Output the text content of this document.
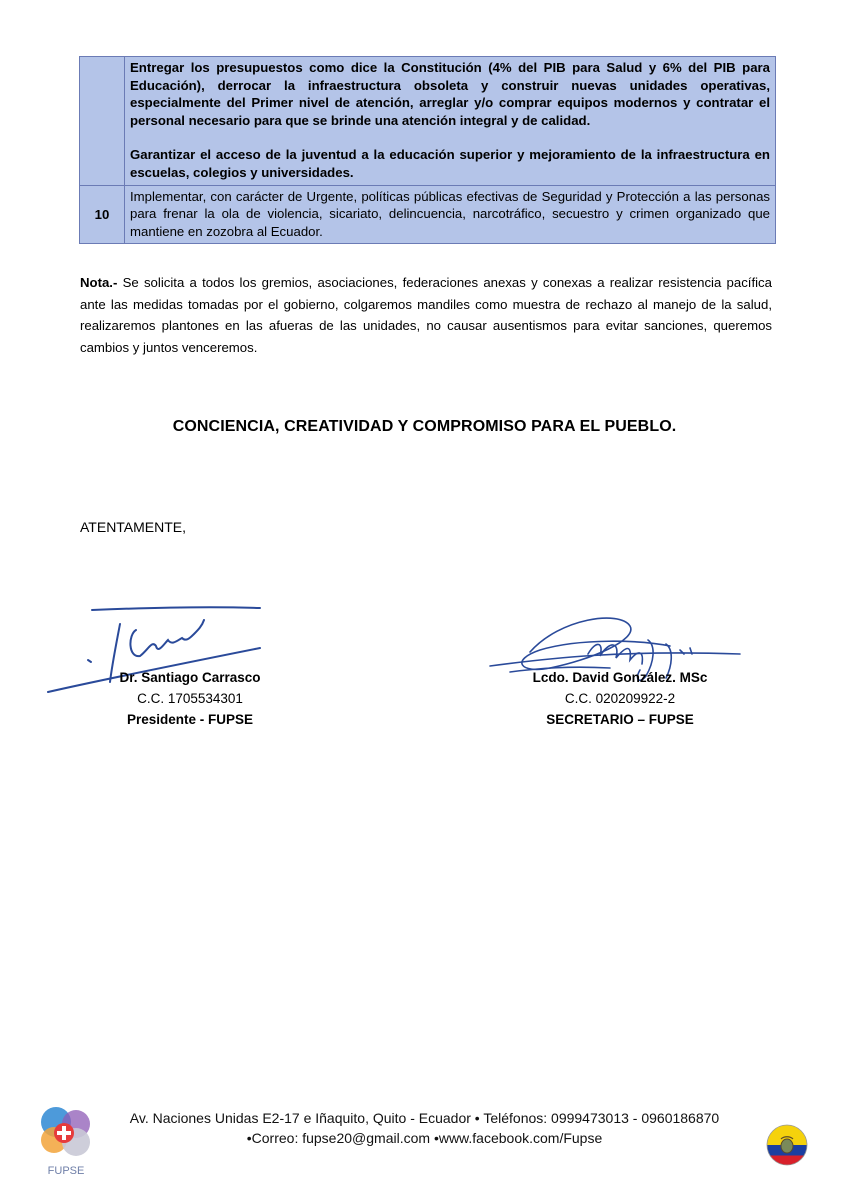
	Entregar los presupuestos como dice la Constitución (4% del PIB para Salud y 6% del PIB para Educación), derrocar la infraestructura obsoleta y construir nuevas unidades operativas, especialmente del Primer nivel de atención, arreglar y/o comprar equipos modernos y contratar el personal necesario para que se brinde una atención integral y de calidad.

Garantizar el acceso de la juventud a la educación superior y mejoramiento de la infraestructura en escuelas, colegios y universidades.

10	Implementar, con carácter de Urgente, políticas públicas efectivas de Seguridad y Protección a las personas para frenar la ola de violencia, sicariato, delincuencia, narcotráfico, secuestro y crimen organizado que mantiene en zozobra al Ecuador.
Nota.- Se solicita a todos los gremios, asociaciones, federaciones anexas y conexas a realizar resistencia pacífica ante las medidas tomadas por el gobierno, colgaremos mandiles como muestra de rechazo al manejo de la salud, realizaremos plantones en las afueras de las unidades, no causar ausentismos para evitar sanciones, queremos cambios y juntos venceremos.
CONCIENCIA, CREATIVIDAD Y COMPROMISO PARA EL PUEBLO.
ATENTAMENTE,
Dr. Santiago Carrasco
C.C. 1705534301
Presidente - FUPSE
Lcdo. David González. MSc
C.C. 020209922-2
SECRETARIO – FUPSE
FUPSE
Av. Naciones Unidas E2-17 e Iñaquito, Quito - Ecuador • Teléfonos: 0999473013 - 0960186870
•Correo: fupse20@gmail.com •www.facebook.com/Fupse
